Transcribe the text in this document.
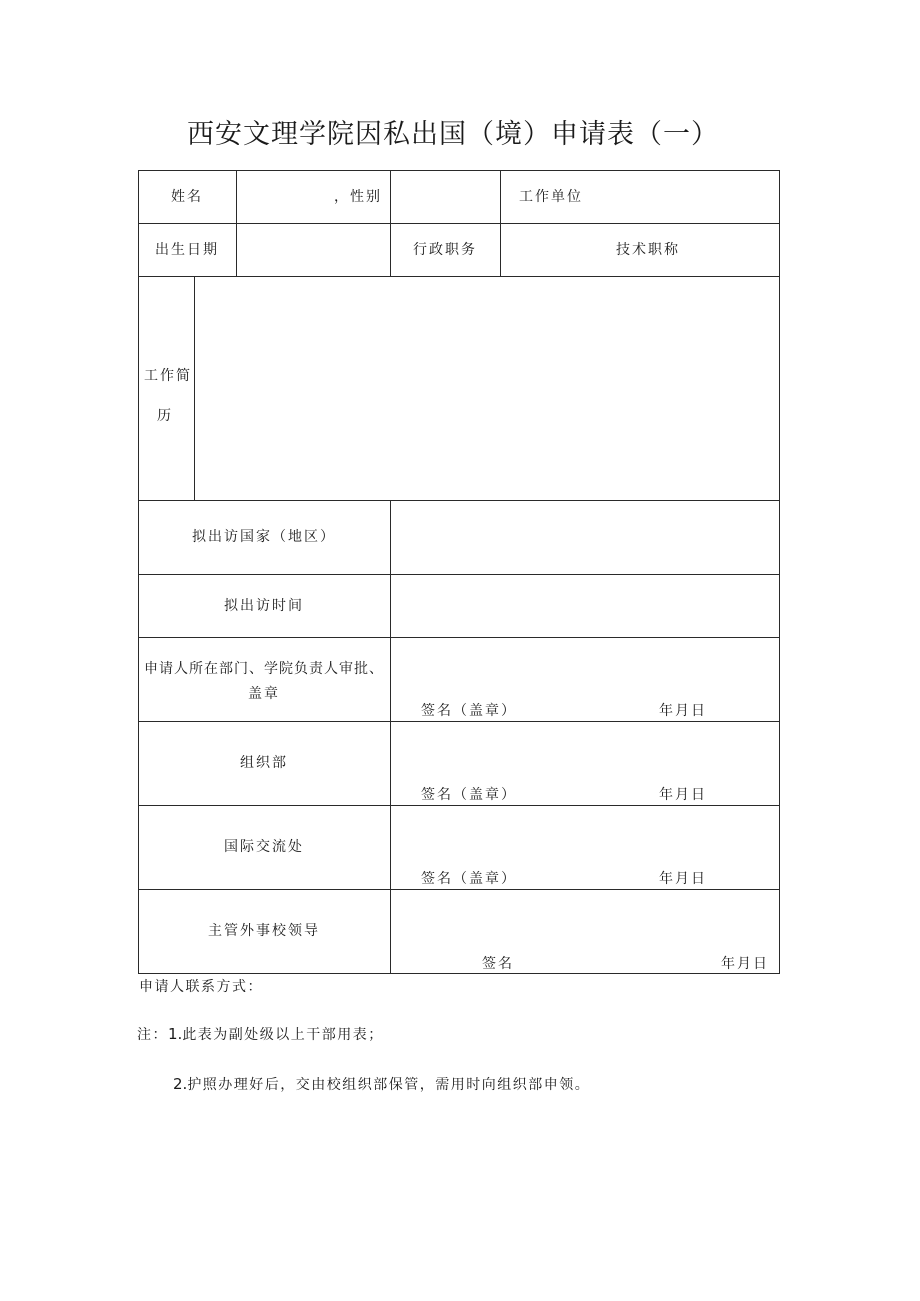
西安文理学院因私出国（境）申请表（一）
姓名	，性别	工作单位
出生日期	行政职务	技术职称
工作简
历
拟出访国家（地区）
拟出访时间
申请人所在部门、学院负责人审批、
盖章
签名（盖章）	年月日
组织部
签名（盖章）	年月日
国际交流处
签名（盖章）	年月日
主管外事校领导
签名	年月日
申请人联系方式：
注：1.此表为副处级以上干部用表；
2.护照办理好后，交由校组织部保管，需用时向组织部申领。
